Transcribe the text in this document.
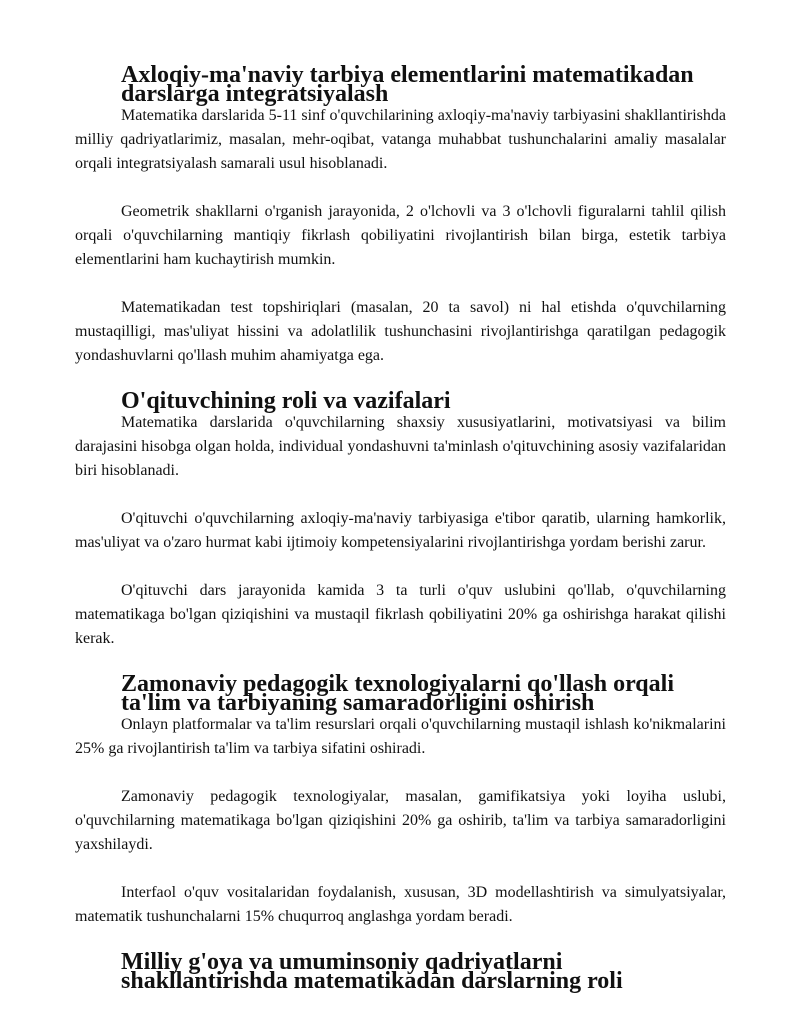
Axloqiy-ma'naviy tarbiya elementlarini matematikadan darslarga integratsiyalash

Matematika darslarida 5-11 sinf o'quvchilarining axloqiy-ma'naviy tarbiyasini shakllantirishda milliy qadriyatlarimiz, masalan, mehr-oqibat, vatanga muhabbat tushunchalarini amaliy masalalar orqali integratsiyalash samarali usul hisoblanadi.

Geometrik shakllarni o'rganish jarayonida, 2 o'lchovli va 3 o'lchovli figuralarni tahlil qilish orqali o'quvchilarning mantiqiy fikrlash qobiliyatini rivojlantirish bilan birga, estetik tarbiya elementlarini ham kuchaytirish mumkin.

Matematikadan test topshiriqlari (masalan, 20 ta savol) ni hal etishda o'quvchilarning mustaqilligi, mas'uliyat hissini va adolatlilik tushunchasini rivojlantirishga qaratilgan pedagogik yondashuvlarni qo'llash muhim ahamiyatga ega.

O'qituvchining roli va vazifalari

Matematika darslarida o'quvchilarning shaxsiy xususiyatlarini, motivatsiyasi va bilim darajasini hisobga olgan holda, individual yondashuvni ta'minlash o'qituvchining asosiy vazifalaridan biri hisoblanadi.

O'qituvchi o'quvchilarning axloqiy-ma'naviy tarbiyasiga e'tibor qaratib, ularning hamkorlik, mas'uliyat va o'zaro hurmat kabi ijtimoiy kompetensiyalarini rivojlantirishga yordam berishi zarur.

O'qituvchi dars jarayonida kamida 3 ta turli o'quv uslubini qo'llab, o'quvchilarning matematikaga bo'lgan qiziqishini va mustaqil fikrlash qobiliyatini 20% ga oshirishga harakat qilishi kerak.

Zamonaviy pedagogik texnologiyalarni qo'llash orqali ta'lim va tarbiyaning samaradorligini oshirish

Onlayn platformalar va ta'lim resurslari orqali o'quvchilarning mustaqil ishlash ko'nikmalarini 25% ga rivojlantirish ta'lim va tarbiya sifatini oshiradi.

Zamonaviy pedagogik texnologiyalar, masalan, gamifikatsiya yoki loyiha uslubi, o'quvchilarning matematikaga bo'lgan qiziqishini 20% ga oshirib, ta'lim va tarbiya samaradorligini yaxshilaydi.

Interfaol o'quv vositalaridan foydalanish, xususan, 3D modellashtirish va simulyatsiyalar, matematik tushunchalarni 15% chuqurroq anglashga yordam beradi.

Milliy g'oya va umuminsoniy qadriyatlarni shakllantirishda matematikadan darslarning roli
